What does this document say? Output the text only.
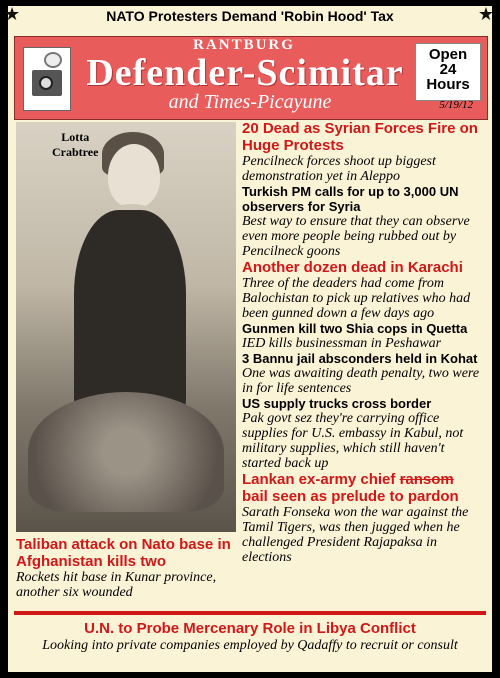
★	★
NATO Protesters Demand 'Robin Hood' Tax
RANTBURG
Defender-Scimitar
and Times-Picayune
Open
24
Hours
5/19/12
Lotta
Crabtree

20 Dead as Syrian Forces Fire on Huge Protests

Pencilneck forces shoot up biggest demonstration yet in Aleppo

Turkish PM calls for up to 3,000 UN observers for Syria

Best way to ensure that they can observe even more people being rubbed out by Pencilneck goons

Another dozen dead in Karachi

Three of the deaders had come from Balochistan to pick up relatives who had been gunned down a few days ago

Gunmen kill two Shia cops in Quetta

IED kills businessman in Peshawar

3 Bannu jail absconders held in Kohat

One was awaiting death penalty, two were in for life sentences

US supply trucks cross border

Pak govt sez they're carrying office supplies for U.S. embassy in Kabul, not military supplies, which still haven't started back up

Lankan ex-army chief ransom bail seen as prelude to pardon

Sarath Fonseka won the war against the Tamil Tigers, was then jugged when he challenged President Rajapaksa in elections

Taliban attack on Nato base in Afghanistan kills two

Rockets hit base in Kunar province, another six wounded

U.N. to Probe Mercenary Role in Libya Conflict
Looking into private companies employed by Qadaffy to recruit or consult
